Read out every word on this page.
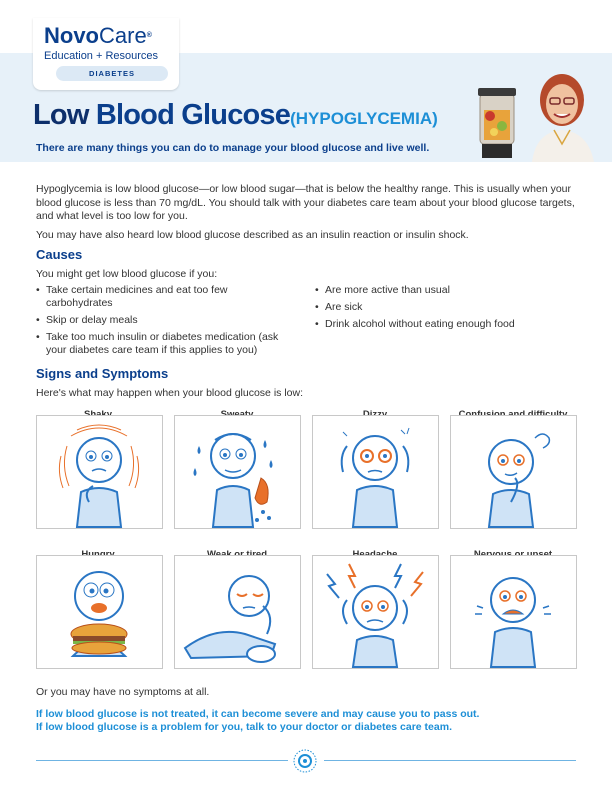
NovoCare®
Education + Resources
DIABETES
Low Blood Glucose(HYPOGLYCEMIA)
There are many things you can do to manage your blood glucose and live well.
Hypoglycemia is low blood glucose—or low blood sugar—that is below the healthy range. This is usually when your blood glucose is less than 70 mg/dL. You should talk with your diabetes care team about your blood glucose targets, and what level is too low for you.
You may have also heard low blood glucose described as an insulin reaction or insulin shock.
Causes
You might get low blood glucose if you:
• Take certain medicines and eat too few carbohydrates
• Skip or delay meals
• Take too much insulin or diabetes medication (ask your diabetes care team if this applies to you)
• Are more active than usual
• Are sick
• Drink alcohol without eating enough food
Signs and Symptoms
Here's what may happen when your blood glucose is low:
Or you may have no symptoms at all.
If low blood glucose is not treated, it can become severe and may cause you to pass out.
If low blood glucose is a problem for you, talk to your doctor or diabetes care team.
